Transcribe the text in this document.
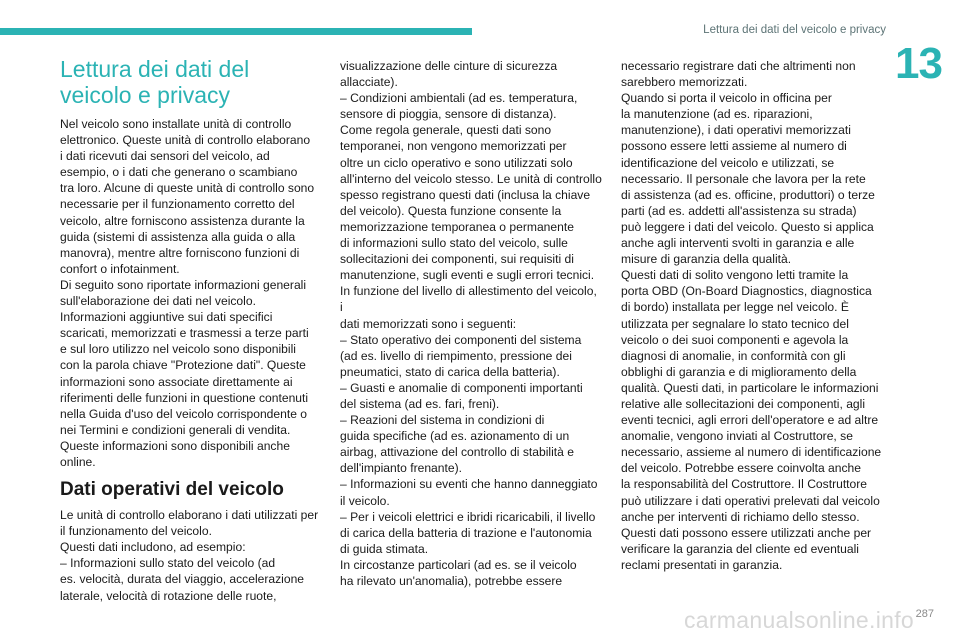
Lettura dei dati del veicolo e privacy
13
Lettura dei dati del veicolo e privacy

Nel veicolo sono installate unità di controllo
elettronico. Queste unità di controllo elaborano
i dati ricevuti dai sensori del veicolo, ad
esempio, o i dati che generano o scambiano
tra loro. Alcune di queste unità di controllo sono
necessarie per il funzionamento corretto del
veicolo, altre forniscono assistenza durante la
guida (sistemi di assistenza alla guida o alla
manovra), mentre altre forniscono funzioni di
confort o infotainment.
Di seguito sono riportate informazioni generali
sull'elaborazione dei dati nel veicolo.
Informazioni aggiuntive sui dati specifici
scaricati, memorizzati e trasmessi a terze parti
e sul loro utilizzo nel veicolo sono disponibili
con la parola chiave "Protezione dati". Queste
informazioni sono associate direttamente ai
riferimenti delle funzioni in questione contenuti
nella Guida d'uso del veicolo corrispondente o
nei Termini e condizioni generali di vendita.
Queste informazioni sono disponibili anche
online.

Dati operativi del veicolo

Le unità di controllo elaborano i dati utilizzati per
il funzionamento del veicolo.
Questi dati includono, ad esempio:
– Informazioni sullo stato del veicolo (ad
es. velocità, durata del viaggio, accelerazione
laterale, velocità di rotazione delle ruote,

visualizzazione delle cinture di sicurezza
allacciate).
– Condizioni ambientali (ad es. temperatura,
sensore di pioggia, sensore di distanza).
Come regola generale, questi dati sono
temporanei, non vengono memorizzati per
oltre un ciclo operativo e sono utilizzati solo
all'interno del veicolo stesso. Le unità di controllo
spesso registrano questi dati (inclusa la chiave
del veicolo). Questa funzione consente la
memorizzazione temporanea o permanente
di informazioni sullo stato del veicolo, sulle
sollecitazioni dei componenti, sui requisiti di
manutenzione, sugli eventi e sugli errori tecnici.
In funzione del livello di allestimento del veicolo, i
dati memorizzati sono i seguenti:
– Stato operativo dei componenti del sistema
(ad es. livello di riempimento, pressione dei
pneumatici, stato di carica della batteria).
– Guasti e anomalie di componenti importanti
del sistema (ad es. fari, freni).
– Reazioni del sistema in condizioni di
guida specifiche (ad es. azionamento di un
airbag, attivazione del controllo di stabilità e
dell'impianto frenante).
– Informazioni su eventi che hanno danneggiato
il veicolo.
– Per i veicoli elettrici e ibridi ricaricabili, il livello
di carica della batteria di trazione e l'autonomia
di guida stimata.
In circostanze particolari (ad es. se il veicolo
ha rilevato un'anomalia), potrebbe essere

necessario registrare dati che altrimenti non
sarebbero memorizzati.
Quando si porta il veicolo in officina per
la manutenzione (ad es. riparazioni,
manutenzione), i dati operativi memorizzati
possono essere letti assieme al numero di
identificazione del veicolo e utilizzati, se
necessario. Il personale che lavora per la rete
di assistenza (ad es. officine, produttori) o terze
parti (ad es. addetti all'assistenza su strada)
può leggere i dati del veicolo. Questo si applica
anche agli interventi svolti in garanzia e alle
misure di garanzia della qualità.
Questi dati di solito vengono letti tramite la
porta OBD (On-Board Diagnostics, diagnostica
di bordo) installata per legge nel veicolo. È
utilizzata per segnalare lo stato tecnico del
veicolo o dei suoi componenti e agevola la
diagnosi di anomalie, in conformità con gli
obblighi di garanzia e di miglioramento della
qualità. Questi dati, in particolare le informazioni
relative alle sollecitazioni dei componenti, agli
eventi tecnici, agli errori dell'operatore e ad altre
anomalie, vengono inviati al Costruttore, se
necessario, assieme al numero di identificazione
del veicolo. Potrebbe essere coinvolta anche
la responsabilità del Costruttore. Il Costruttore
può utilizzare i dati operativi prelevati dal veicolo
anche per interventi di richiamo dello stesso.
Questi dati possono essere utilizzati anche per
verificare la garanzia del cliente ed eventuali
reclami presentati in garanzia.

287
carmanualsonline.info
